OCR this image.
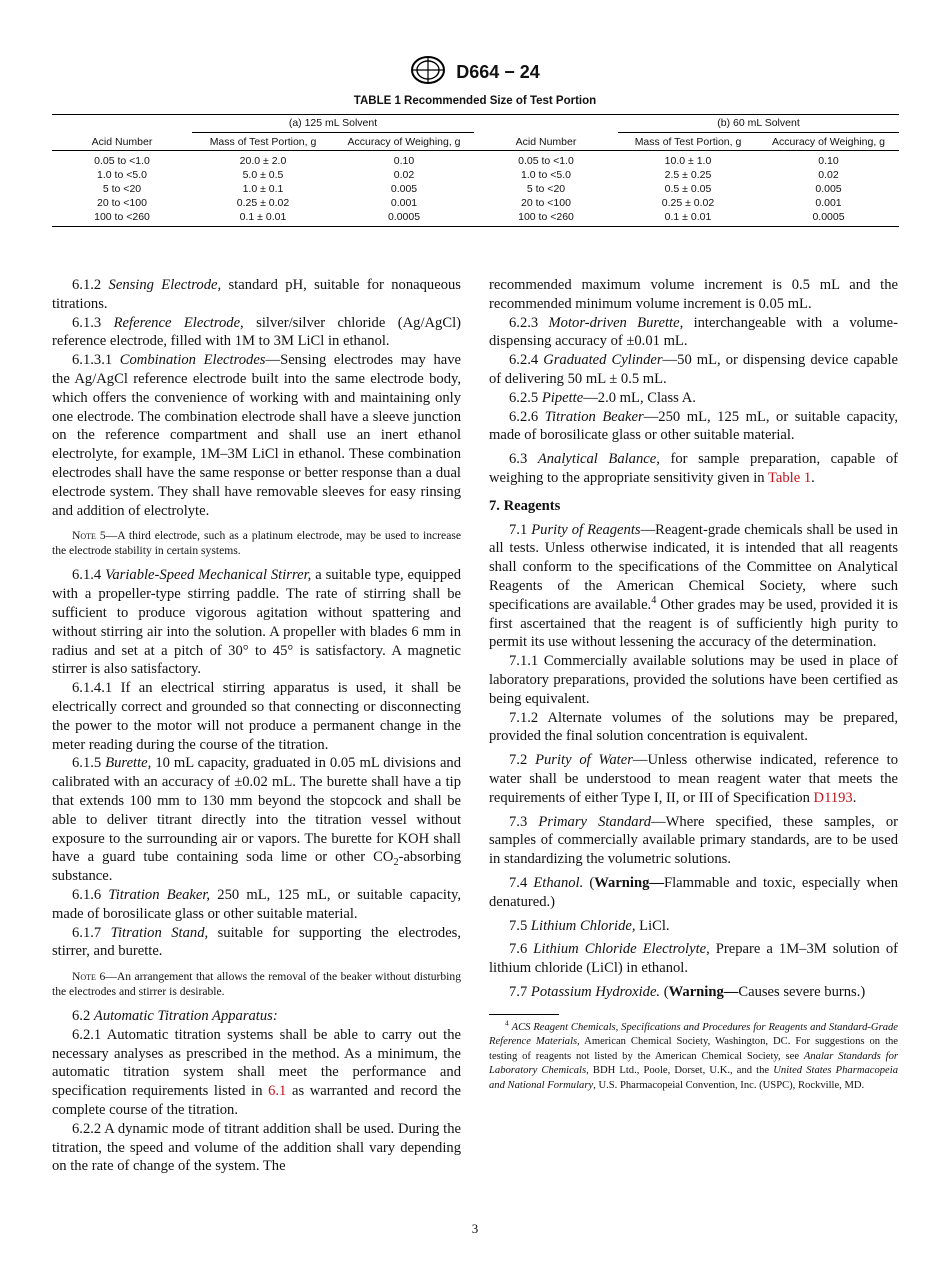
D664 − 24
TABLE 1 Recommended Size of Test Portion
	(a) 125 mL Solvent			(b) 60 mL Solvent	
Acid Number	Mass of Test Portion, g	Accuracy of Weighing, g	Acid Number	Mass of Test Portion, g	Accuracy of Weighing, g
0.05 to <1.0	20.0 ± 2.0	0.10	0.05 to <1.0	10.0 ± 1.0	0.10
1.0 to <5.0	5.0 ± 0.5	0.02	1.0 to <5.0	2.5 ± 0.25	0.02
5 to <20	1.0 ± 0.1	0.005	5 to <20	0.5 ± 0.05	0.005
20 to <100	0.25 ± 0.02	0.001	20 to <100	0.25 ± 0.02	0.001
100 to <260	0.1 ± 0.01	0.0005	100 to <260	0.1 ± 0.01	0.0005

6.1.2 Sensing Electrode, standard pH, suitable for nonaqueous titrations.

6.1.3 Reference Electrode, silver/silver chloride (Ag/AgCl) reference electrode, filled with 1M to 3M LiCl in ethanol.

6.1.3.1 Combination Electrodes—Sensing electrodes may have the Ag/AgCl reference electrode built into the same electrode body, which offers the convenience of working with and maintaining only one electrode. The combination electrode shall have a sleeve junction on the reference compartment and shall use an inert ethanol electrolyte, for example, 1M–3M LiCl in ethanol. These combination electrodes shall have the same response or better response than a dual electrode system. They shall have removable sleeves for easy rinsing and addition of electrolyte.

Note 5—A third electrode, such as a platinum electrode, may be used to increase the electrode stability in certain systems.

6.1.4 Variable-Speed Mechanical Stirrer, a suitable type, equipped with a propeller-type stirring paddle. The rate of stirring shall be sufficient to produce vigorous agitation without spattering and without stirring air into the solution. A propeller with blades 6 mm in radius and set at a pitch of 30° to 45° is satisfactory. A magnetic stirrer is also satisfactory.

6.1.4.1 If an electrical stirring apparatus is used, it shall be electrically correct and grounded so that connecting or disconnecting the power to the motor will not produce a permanent change in the meter reading during the course of the titration.

6.1.5 Burette, 10 mL capacity, graduated in 0.05 mL divisions and calibrated with an accuracy of ±0.02 mL. The burette shall have a tip that extends 100 mm to 130 mm beyond the stopcock and shall be able to deliver titrant directly into the titration vessel without exposure to the surrounding air or vapors. The burette for KOH shall have a guard tube containing soda lime or other $CO_2$-absorbing substance.

6.1.6 Titration Beaker, 250 mL, 125 mL, or suitable capacity, made of borosilicate glass or other suitable material.

6.1.7 Titration Stand, suitable for supporting the electrodes, stirrer, and burette.

Note 6—An arrangement that allows the removal of the beaker without disturbing the electrodes and stirrer is desirable.

6.2 Automatic Titration Apparatus:

6.2.1 Automatic titration systems shall be able to carry out the necessary analyses as prescribed in the method. As a minimum, the automatic titration system shall meet the performance and specification requirements listed in 6.1 as warranted and record the complete course of the titration.

6.2.2 A dynamic mode of titrant addition shall be used. During the titration, the speed and volume of the addition shall vary depending on the rate of change of the system. The

recommended maximum volume increment is 0.5 mL and the recommended minimum volume increment is 0.05 mL.

6.2.3 Motor-driven Burette, interchangeable with a volume-dispensing accuracy of ±0.01 mL.

6.2.4 Graduated Cylinder—50 mL, or dispensing device capable of delivering 50 mL ± 0.5 mL.

6.2.5 Pipette—2.0 mL, Class A.

6.2.6 Titration Beaker—250 mL, 125 mL, or suitable capacity, made of borosilicate glass or other suitable material.

6.3 Analytical Balance, for sample preparation, capable of weighing to the appropriate sensitivity given in Table 1.

7. Reagents

7.1 Purity of Reagents—Reagent-grade chemicals shall be used in all tests. Unless otherwise indicated, it is intended that all reagents shall conform to the specifications of the Committee on Analytical Reagents of the American Chemical Society, where such specifications are available.$^4$ Other grades may be used, provided it is first ascertained that the reagent is of sufficiently high purity to permit its use without lessening the accuracy of the determination.

7.1.1 Commercially available solutions may be used in place of laboratory preparations, provided the solutions have been certified as being equivalent.

7.1.2 Alternate volumes of the solutions may be prepared, provided the final solution concentration is equivalent.

7.2 Purity of Water—Unless otherwise indicated, reference to water shall be understood to mean reagent water that meets the requirements of either Type I, II, or III of Specification D1193.

7.3 Primary Standard—Where specified, these samples, or samples of commercially available primary standards, are to be used in standardizing the volumetric solutions.

7.4 Ethanol. (Warning—Flammable and toxic, especially when denatured.)

7.5 Lithium Chloride, LiCl.

7.6 Lithium Chloride Electrolyte, Prepare a 1M–3M solution of lithium chloride (LiCl) in ethanol.

7.7 Potassium Hydroxide. (Warning—Causes severe burns.)

$^4$ ACS Reagent Chemicals, Specifications and Procedures for Reagents and Standard-Grade Reference Materials, American Chemical Society, Washington, DC. For suggestions on the testing of reagents not listed by the American Chemical Society, see Analar Standards for Laboratory Chemicals, BDH Ltd., Poole, Dorset, U.K., and the United States Pharmacopeia and National Formulary, U.S. Pharmacopeial Convention, Inc. (USPC), Rockville, MD.

3
